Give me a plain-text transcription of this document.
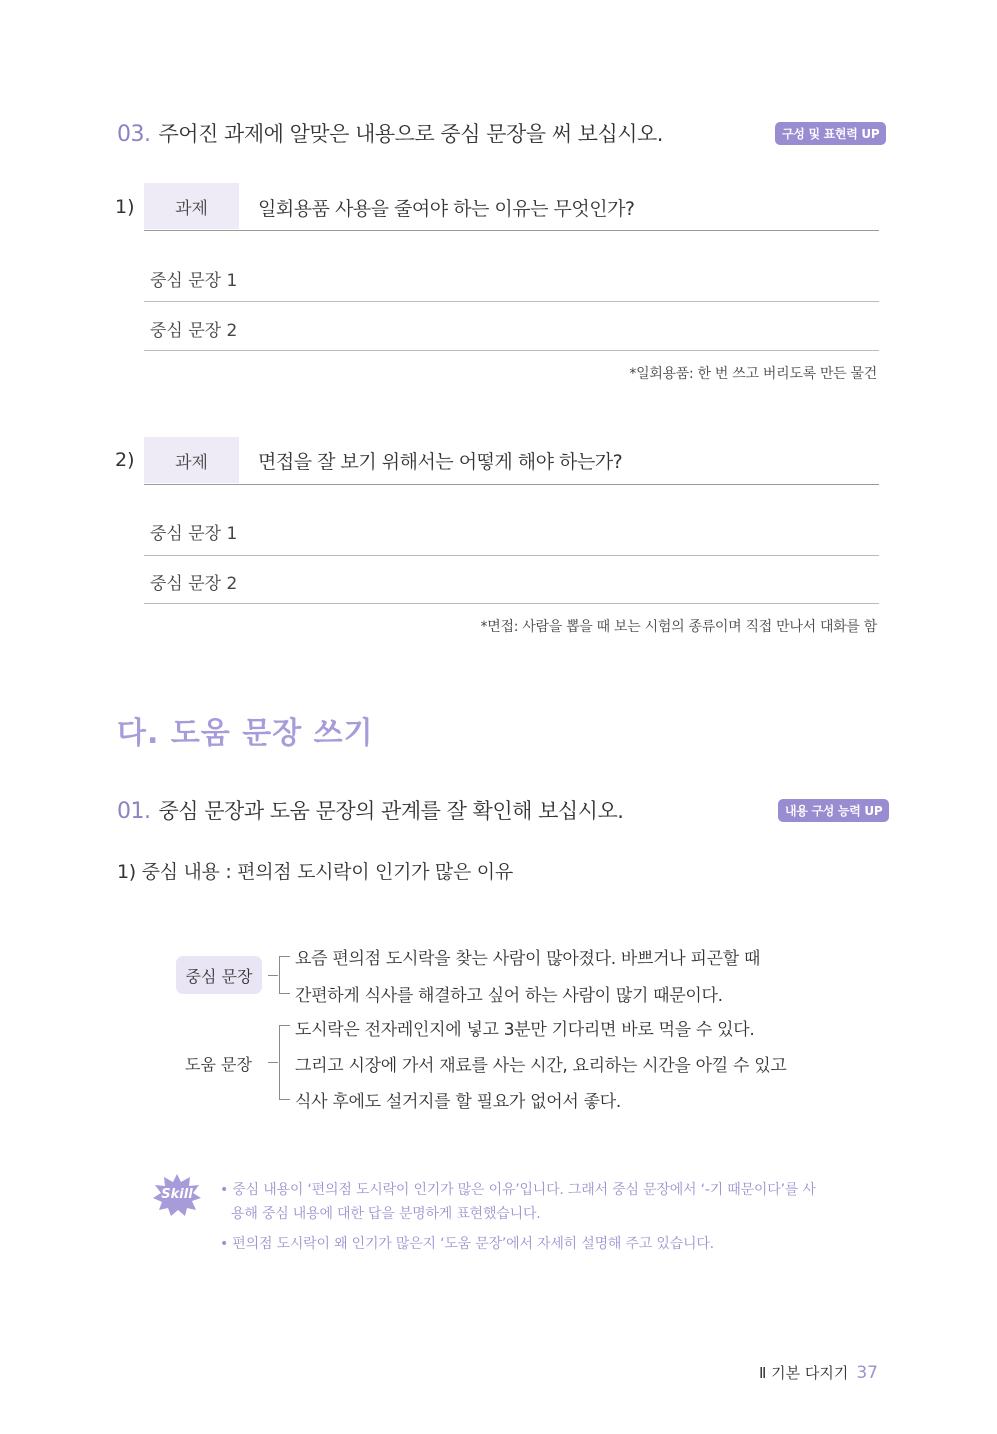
03. 주어진 과제에 알맞은 내용으로 중심 문장을 써 보십시오.	구성 및 표현력 UP
1)	과제	일회용품 사용을 줄여야 하는 이유는 무엇인가?
중심 문장 1
중심 문장 2
*일회용품: 한 번 쓰고 버리도록 만든 물건
2)	과제	면접을 잘 보기 위해서는 어떻게 해야 하는가?
중심 문장 1
중심 문장 2
*면접: 사람을 뽑을 때 보는 시험의 종류이며 직접 만나서 대화를 함
다. 도움 문장 쓰기
01. 중심 문장과 도움 문장의 관계를 잘 확인해 보십시오.	내용 구성 능력 UP
1) 중심 내용 : 편의점 도시락이 인기가 많은 이유
중심 문장
요즘 편의점 도시락을 찾는 사람이 많아졌다. 바쁘거나 피곤할 때
간편하게 식사를 해결하고 싶어 하는 사람이 많기 때문이다.
도움 문장
도시락은 전자레인지에 넣고 3분만 기다리면 바로 먹을 수 있다.
그리고 시장에 가서 재료를 사는 시간, 요리하는 시간을 아낄 수 있고
식사 후에도 설거지를 할 필요가 없어서 좋다.
Skill	• 중심 내용이 ‘편의점 도시락이 인기가 많은 이유’입니다. 그래서 중심 문장에서 ‘-기 때문이다’를 사
용해 중심 내용에 대한 답을 분명하게 표현했습니다.
• 편의점 도시락이 왜 인기가 많은지 ‘도움 문장’에서 자세히 설명해 주고 있습니다.
Ⅱ 기본 다지기 37
